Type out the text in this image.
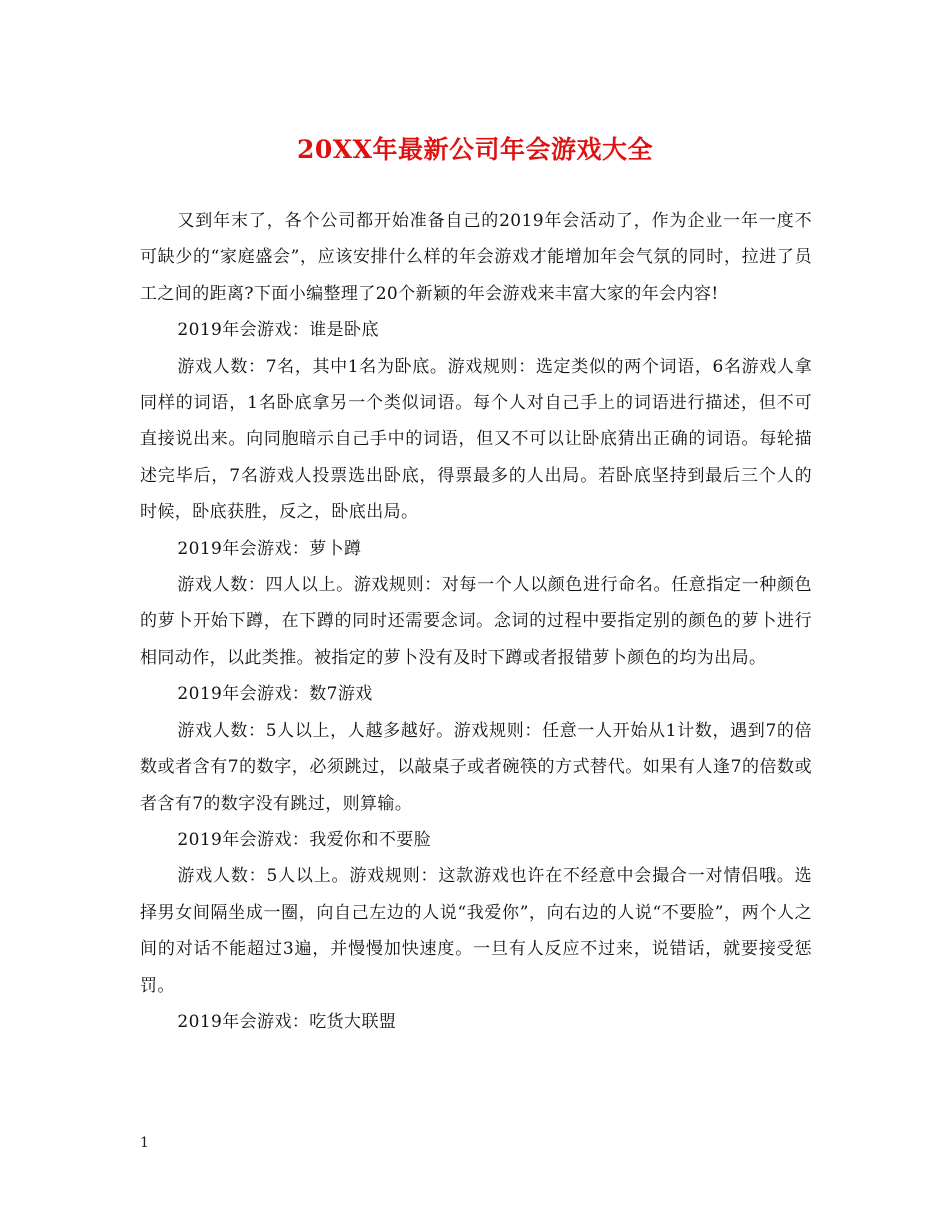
20XX年最新公司年会游戏大全

又到年末了，各个公司都开始准备自己的2019年会活动了，作为企业一年一度不可缺少的“家庭盛会”，应该安排什么样的年会游戏才能增加年会气氛的同时，拉进了员工之间的距离?下面小编整理了20个新颖的年会游戏来丰富大家的年会内容!

2019年会游戏：谁是卧底

游戏人数：7名，其中1名为卧底。游戏规则：选定类似的两个词语，6名游戏人拿同样的词语，1名卧底拿另一个类似词语。每个人对自己手上的词语进行描述，但不可直接说出来。向同胞暗示自己手中的词语，但又不可以让卧底猜出正确的词语。每轮描述完毕后，7名游戏人投票选出卧底，得票最多的人出局。若卧底坚持到最后三个人的时候，卧底获胜，反之，卧底出局。

2019年会游戏：萝卜蹲

游戏人数：四人以上。游戏规则：对每一个人以颜色进行命名。任意指定一种颜色的萝卜开始下蹲，在下蹲的同时还需要念词。念词的过程中要指定别的颜色的萝卜进行相同动作，以此类推。被指定的萝卜没有及时下蹲或者报错萝卜颜色的均为出局。

2019年会游戏：数7游戏

游戏人数：5人以上，人越多越好。游戏规则：任意一人开始从1计数，遇到7的倍数或者含有7的数字，必须跳过，以敲桌子或者碗筷的方式替代。如果有人逢7的倍数或者含有7的数字没有跳过，则算输。

2019年会游戏：我爱你和不要脸

游戏人数：5人以上。游戏规则：这款游戏也许在不经意中会撮合一对情侣哦。选择男女间隔坐成一圈，向自己左边的人说“我爱你”，向右边的人说“不要脸”，两个人之间的对话不能超过3遍，并慢慢加快速度。一旦有人反应不过来，说错话，就要接受惩罚。

2019年会游戏：吃货大联盟

1
